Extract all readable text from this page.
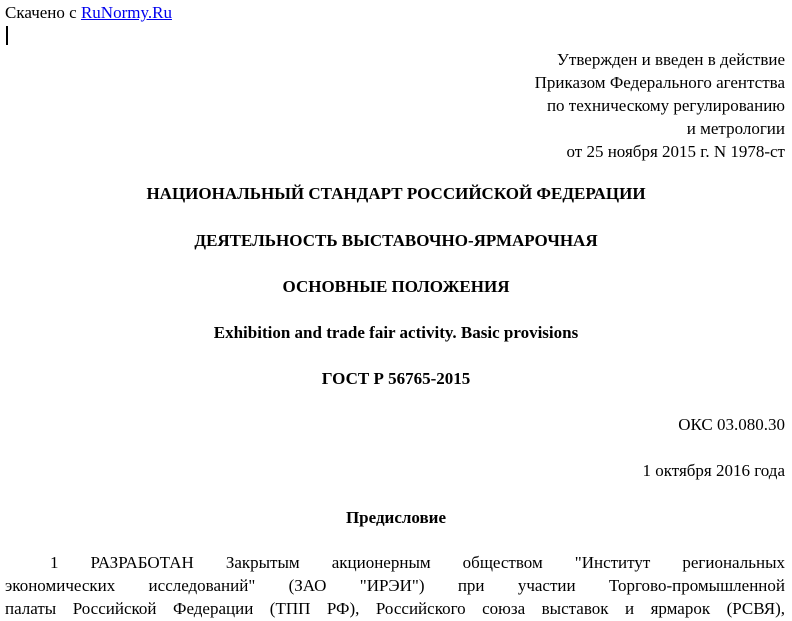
Скачено с RuNormy.Ru
Утвержден и введен в действие
Приказом Федерального агентства
по техническому регулированию
и метрологии
от 25 ноября 2015 г. N 1978-ст
НАЦИОНАЛЬНЫЙ СТАНДАРТ РОССИЙСКОЙ ФЕДЕРАЦИИ
ДЕЯТЕЛЬНОСТЬ ВЫСТАВОЧНО-ЯРМАРОЧНАЯ
ОСНОВНЫЕ ПОЛОЖЕНИЯ
Exhibition and trade fair activity. Basic provisions
ГОСТ Р 56765-2015
ОКС 03.080.30
1 октября 2016 года
Предисловие
1 РАЗРАБОТАН Закрытым акционерным обществом "Институт региональных
экономических исследований" (ЗАО "ИРЭИ") при участии Торгово-промышленной
палаты Российской Федерации (ТПП РФ), Российского союза выставок и ярмарок (РСВЯ),
